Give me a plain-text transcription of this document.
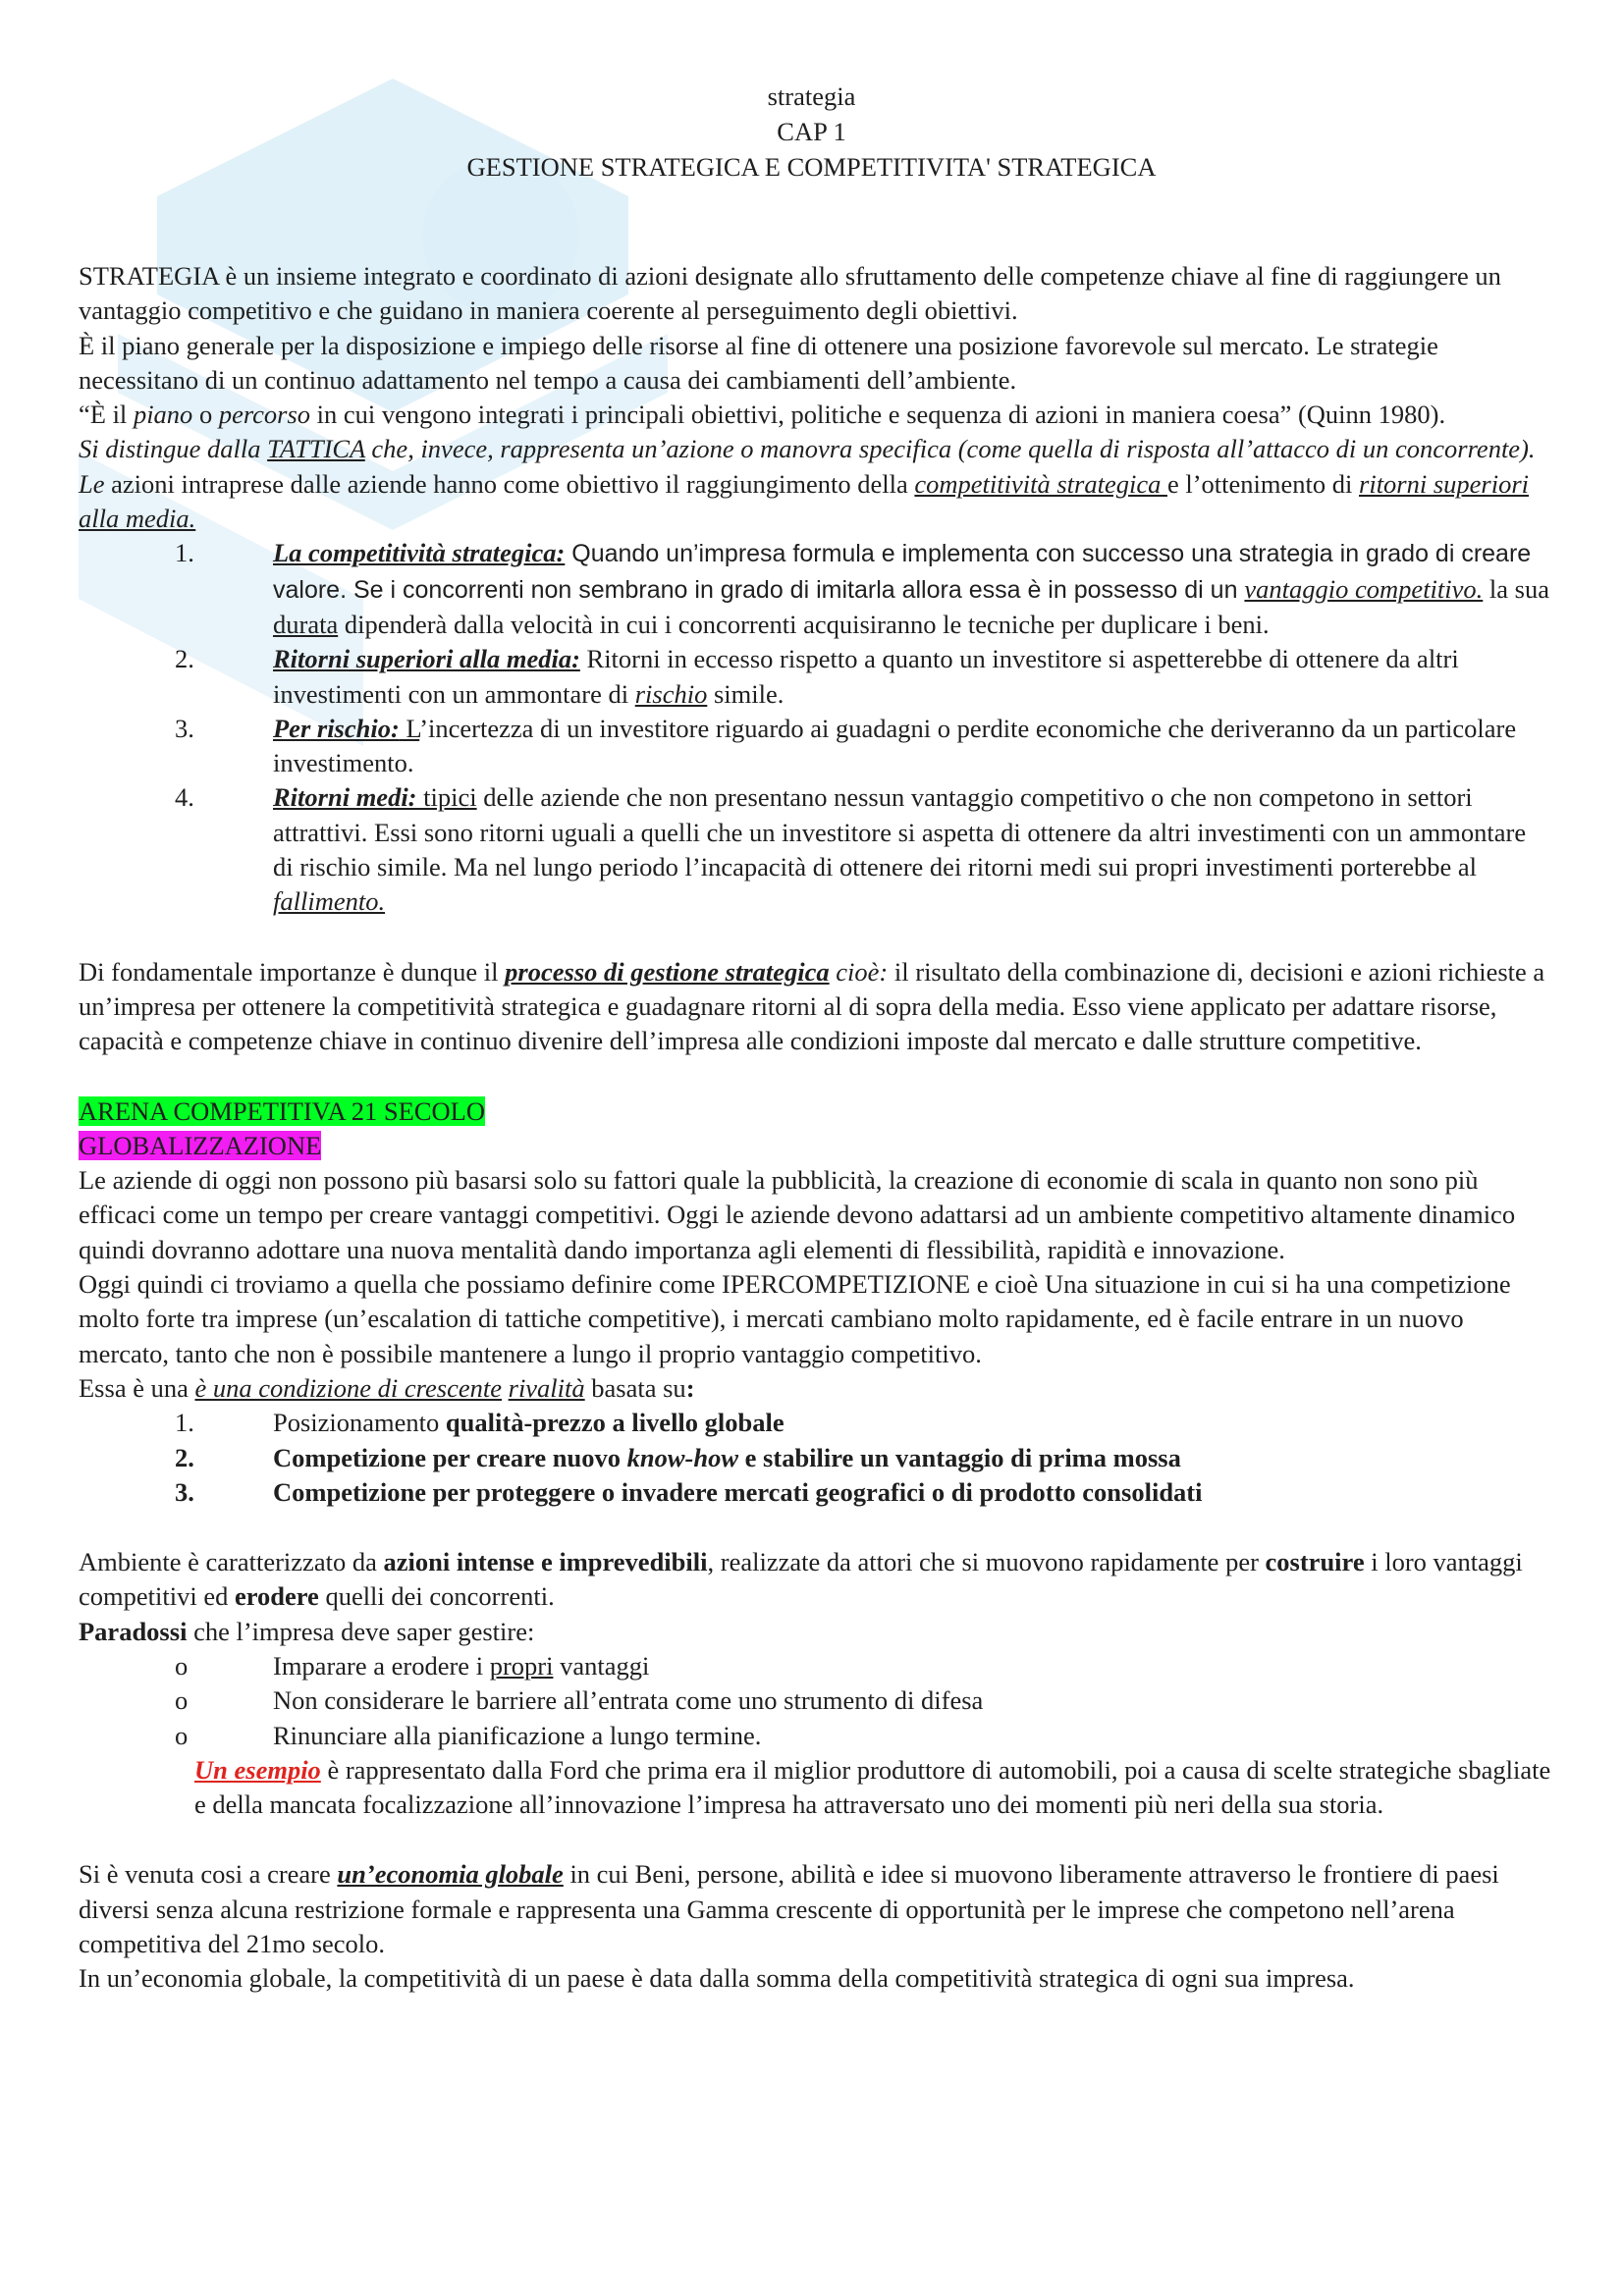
strategia
CAP 1
GESTIONE STRATEGICA E COMPETITIVITA' STRATEGICA

STRATEGIA è un insieme integrato e coordinato di azioni designate allo sfruttamento delle competenze chiave al fine di raggiungere un vantaggio competitivo e che guidano in maniera coerente al perseguimento degli obiettivi.

È il piano generale per la disposizione e impiego delle risorse al fine di ottenere una posizione favorevole sul mercato. Le strategie necessitano di un continuo adattamento nel tempo a causa dei cambiamenti dell’ambiente.

“È il piano o percorso in cui vengono integrati i principali obiettivi, politiche e sequenza di azioni in maniera coesa” (Quinn 1980).

Si distingue dalla TATTICA che, invece, rappresenta un’azione o manovra specifica (come quella di risposta all’attacco di un concorrente).

Le azioni intraprese dalle aziende hanno come obiettivo il raggiungimento della competitività strategica e l’ottenimento di ritorni superiori alla media.

1.	La competitività strategica: Quando un’impresa formula e implementa con successo una strategia in grado di creare valore. Se i concorrenti non sembrano in grado di imitarla allora essa è in possesso di un vantaggio competitivo. la sua durata dipenderà dalla velocità in cui i concorrenti acquisiranno le tecniche per duplicare i beni.
2.	Ritorni superiori alla media: Ritorni in eccesso rispetto a quanto un investitore si aspetterebbe di ottenere da altri investimenti con un ammontare di rischio simile.
3.	Per rischio: L’incertezza di un investitore riguardo ai guadagni o perdite economiche che deriveranno da un particolare investimento.
4.	Ritorni medi: tipici delle aziende che non presentano nessun vantaggio competitivo o che non competono in settori attrattivi. Essi sono ritorni uguali a quelli che un investitore si aspetta di ottenere da altri investimenti con un ammontare di rischio simile. Ma nel lungo periodo l’incapacità di ottenere dei ritorni medi sui propri investimenti porterebbe al fallimento.

Di fondamentale importanze è dunque il processo di gestione strategica cioè: il risultato della combinazione di, decisioni e azioni richieste a un’impresa per ottenere la competitività strategica e guadagnare ritorni al di sopra della media. Esso viene applicato per adattare risorse, capacità e competenze chiave in continuo divenire dell’impresa alle condizioni imposte dal mercato e dalle strutture competitive.

ARENA COMPETITIVA 21 SECOLO

GLOBALIZZAZIONE

Le aziende di oggi non possono più basarsi solo su fattori quale la pubblicità, la creazione di economie di scala in quanto non sono più efficaci come un tempo per creare vantaggi competitivi. Oggi le aziende devono adattarsi ad un ambiente competitivo altamente dinamico quindi dovranno adottare una nuova mentalità dando importanza agli elementi di flessibilità, rapidità e innovazione.

Oggi quindi ci troviamo a quella che possiamo definire come IPERCOMPETIZIONE e cioè Una situazione in cui si ha una competizione molto forte tra imprese (un’escalation di tattiche competitive), i mercati cambiano molto rapidamente, ed è facile entrare in un nuovo mercato, tanto che non è possibile mantenere a lungo il proprio vantaggio competitivo.

Essa è una è una condizione di crescente rivalità basata su:

1.	Posizionamento qualità-prezzo a livello globale
2.	Competizione per creare nuovo know-how e stabilire un vantaggio di prima mossa
3.	Competizione per proteggere o invadere mercati geografici o di prodotto consolidati

Ambiente è caratterizzato da azioni intense e imprevedibili, realizzate da attori che si muovono rapidamente per costruire i loro vantaggi competitivi ed erodere quelli dei concorrenti.

Paradossi che l’impresa deve saper gestire:

o	Imparare a erodere i propri vantaggi
o	Non considerare le barriere all’entrata come uno strumento di difesa
o	Rinunciare alla pianificazione a lungo termine.

Un esempio è rappresentato dalla Ford che prima era il miglior produttore di automobili, poi a causa di scelte strategiche sbagliate e della mancata focalizzazione all’innovazione l’impresa ha attraversato uno dei momenti più neri della sua storia.

Si è venuta cosi a creare un’economia globale in cui Beni, persone, abilità e idee si muovono liberamente attraverso le frontiere di paesi diversi senza alcuna restrizione formale e rappresenta una Gamma crescente di opportunità per le imprese che competono nell’arena competitiva del 21mo secolo.

In un’economia globale, la competitività di un paese è data dalla somma della competitività strategica di ogni sua impresa.
